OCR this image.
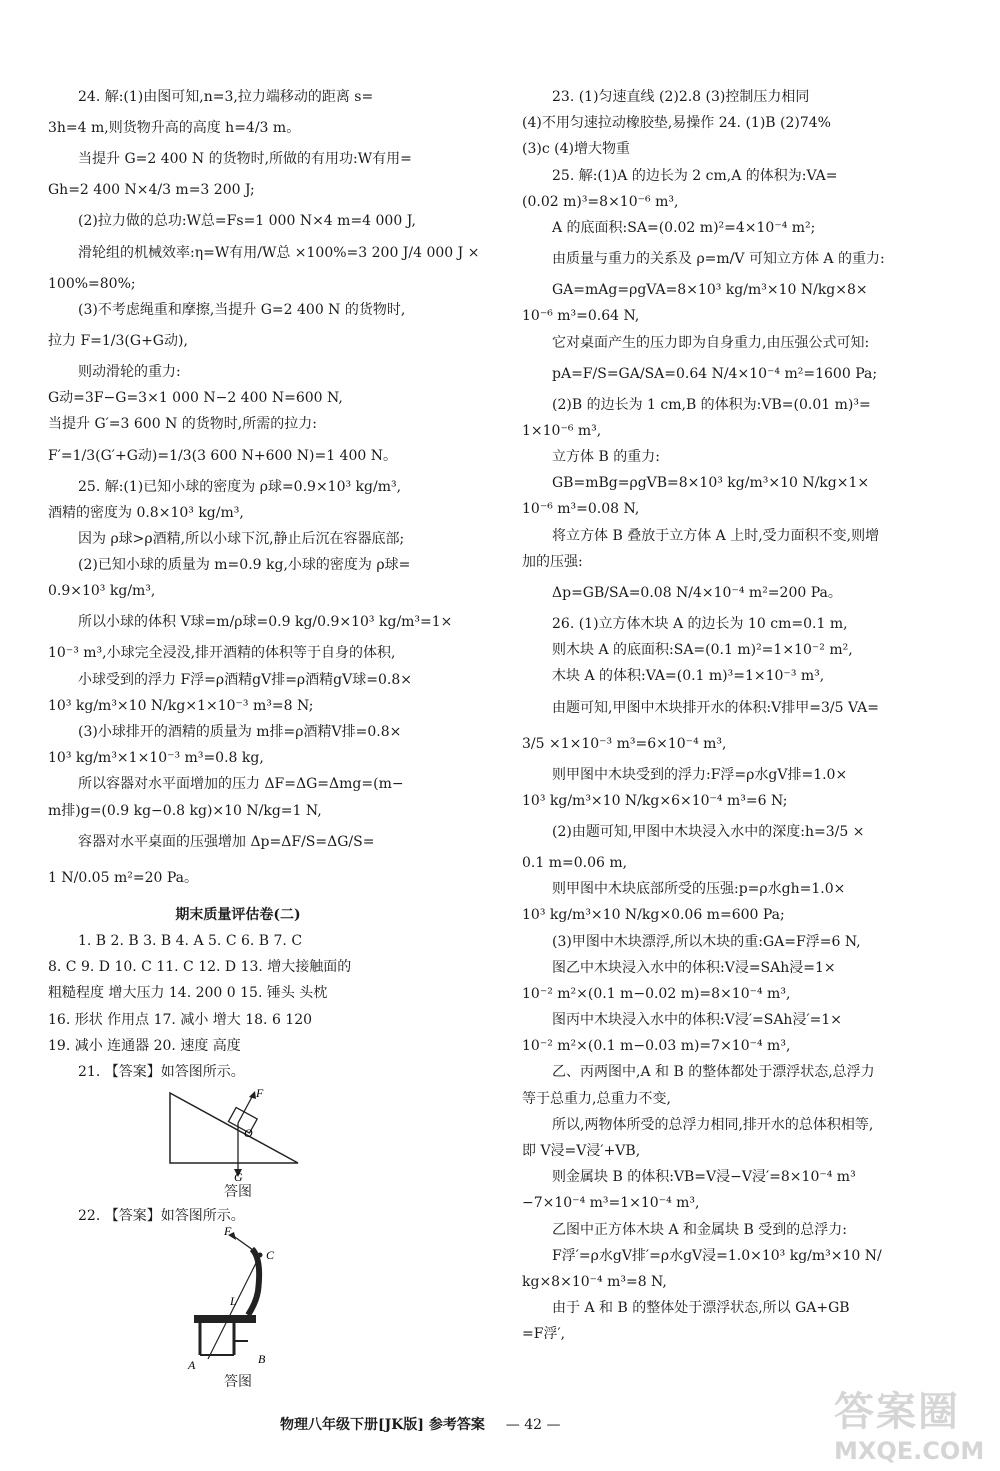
24. 解:(1)由图可知,n=3,拉力端移动的距离 s=
3h=4 m,则货物升高的高度 h=4/3 m。
当提升 G=2 400 N 的货物时,所做的有用功:W有用=
Gh=2 400 N×4/3 m=3 200 J;
(2)拉力做的总功:W总=Fs=1 000 N×4 m=4 000 J,
滑轮组的机械效率:η=W有用/W总 ×100%=3 200 J/4 000 J ×
100%=80%;
(3)不考虑绳重和摩擦,当提升 G=2 400 N 的货物时,
拉力 F=1/3(G+G动),
则动滑轮的重力:
G动=3F−G=3×1 000 N−2 400 N=600 N,
当提升 G′=3 600 N 的货物时,所需的拉力:
F′=1/3(G′+G动)=1/3(3 600 N+600 N)=1 400 N。
25. 解:(1)已知小球的密度为 ρ球=0.9×10³ kg/m³,
酒精的密度为 0.8×10³ kg/m³,
因为 ρ球>ρ酒精,所以小球下沉,静止后沉在容器底部;
(2)已知小球的质量为 m=0.9 kg,小球的密度为 ρ球=
0.9×10³ kg/m³,
所以小球的体积 V球=m/ρ球=0.9 kg/0.9×10³ kg/m³=1×
10⁻³ m³,小球完全浸没,排开酒精的体积等于自身的体积,
小球受到的浮力 F浮=ρ酒精gV排=ρ酒精gV球=0.8×
10³ kg/m³×10 N/kg×1×10⁻³ m³=8 N;
(3)小球排开的酒精的质量为 m排=ρ酒精V排=0.8×
10³ kg/m³×1×10⁻³ m³=0.8 kg,
所以容器对水平面增加的压力 ΔF=ΔG=Δmg=(m−
m排)g=(0.9 kg−0.8 kg)×10 N/kg=1 N,
容器对水平桌面的压强增加 Δp=ΔF/S=ΔG/S=
1 N/0.05 m²=20 Pa。
期末质量评估卷(二)
1. B 2. B 3. B 4. A 5. C 6. B 7. C
8. C 9. D 10. C 11. C 12. D 13. 增大接触面的
粗糙程度 增大压力 14. 200 0 15. 锤头 头枕
16. 形状 作用点 17. 减小 增大 18. 6 120
19. 减小 连通器 20. 速度 高度
21. 【答案】如答图所示。
F
O
G
答图
22. 【答案】如答图所示。
F
C
L
A	B
答图
23. (1)匀速直线 (2)2.8 (3)控制压力相同
(4)不用匀速拉动橡胶垫,易操作 24. (1)B (2)74%
(3)c (4)增大物重
25. 解:(1)A 的边长为 2 cm,A 的体积为:VA=
(0.02 m)³=8×10⁻⁶ m³,
A 的底面积:SA=(0.02 m)²=4×10⁻⁴ m²;
由质量与重力的关系及 ρ=m/V 可知立方体 A 的重力:
GA=mAg=ρgVA=8×10³ kg/m³×10 N/kg×8×
10⁻⁶ m³=0.64 N,
它对桌面产生的压力即为自身重力,由压强公式可知:
pA=F/S=GA/SA=0.64 N/4×10⁻⁴ m²=1600 Pa;
(2)B 的边长为 1 cm,B 的体积为:VB=(0.01 m)³=
1×10⁻⁶ m³,
立方体 B 的重力:
GB=mBg=ρgVB=8×10³ kg/m³×10 N/kg×1×
10⁻⁶ m³=0.08 N,
将立方体 B 叠放于立方体 A 上时,受力面积不变,则增
加的压强:
Δp=GB/SA=0.08 N/4×10⁻⁴ m²=200 Pa。
26. (1)立方体木块 A 的边长为 10 cm=0.1 m,
则木块 A 的底面积:SA=(0.1 m)²=1×10⁻² m²,
木块 A 的体积:VA=(0.1 m)³=1×10⁻³ m³,
由题可知,甲图中木块排开水的体积:V排甲=3/5 VA=
3/5 ×1×10⁻³ m³=6×10⁻⁴ m³,
则甲图中木块受到的浮力:F浮=ρ水gV排=1.0×
10³ kg/m³×10 N/kg×6×10⁻⁴ m³=6 N;
(2)由题可知,甲图中木块浸入水中的深度:h=3/5 ×
0.1 m=0.06 m,
则甲图中木块底部所受的压强:p=ρ水gh=1.0×
10³ kg/m³×10 N/kg×0.06 m=600 Pa;
(3)甲图中木块漂浮,所以木块的重:GA=F浮=6 N,
图乙中木块浸入水中的体积:V浸=SAh浸=1×
10⁻² m²×(0.1 m−0.02 m)=8×10⁻⁴ m³,
图丙中木块浸入水中的体积:V浸′=SAh浸′=1×
10⁻² m²×(0.1 m−0.03 m)=7×10⁻⁴ m³,
乙、丙两图中,A 和 B 的整体都处于漂浮状态,总浮力
等于总重力,总重力不变,
所以,两物体所受的总浮力相同,排开水的总体积相等,
即 V浸=V浸′+VB,
则金属块 B 的体积:VB=V浸−V浸′=8×10⁻⁴ m³
−7×10⁻⁴ m³=1×10⁻⁴ m³,
乙图中正方体木块 A 和金属块 B 受到的总浮力:
F浮′=ρ水gV排′=ρ水gV浸=1.0×10³ kg/m³×10 N/
kg×8×10⁻⁴ m³=8 N,
由于 A 和 B 的整体处于漂浮状态,所以 GA+GB
=F浮′,
物理八年级下册[JK版] 参考答案 — 42 —	答案圈
MXQE.COM
